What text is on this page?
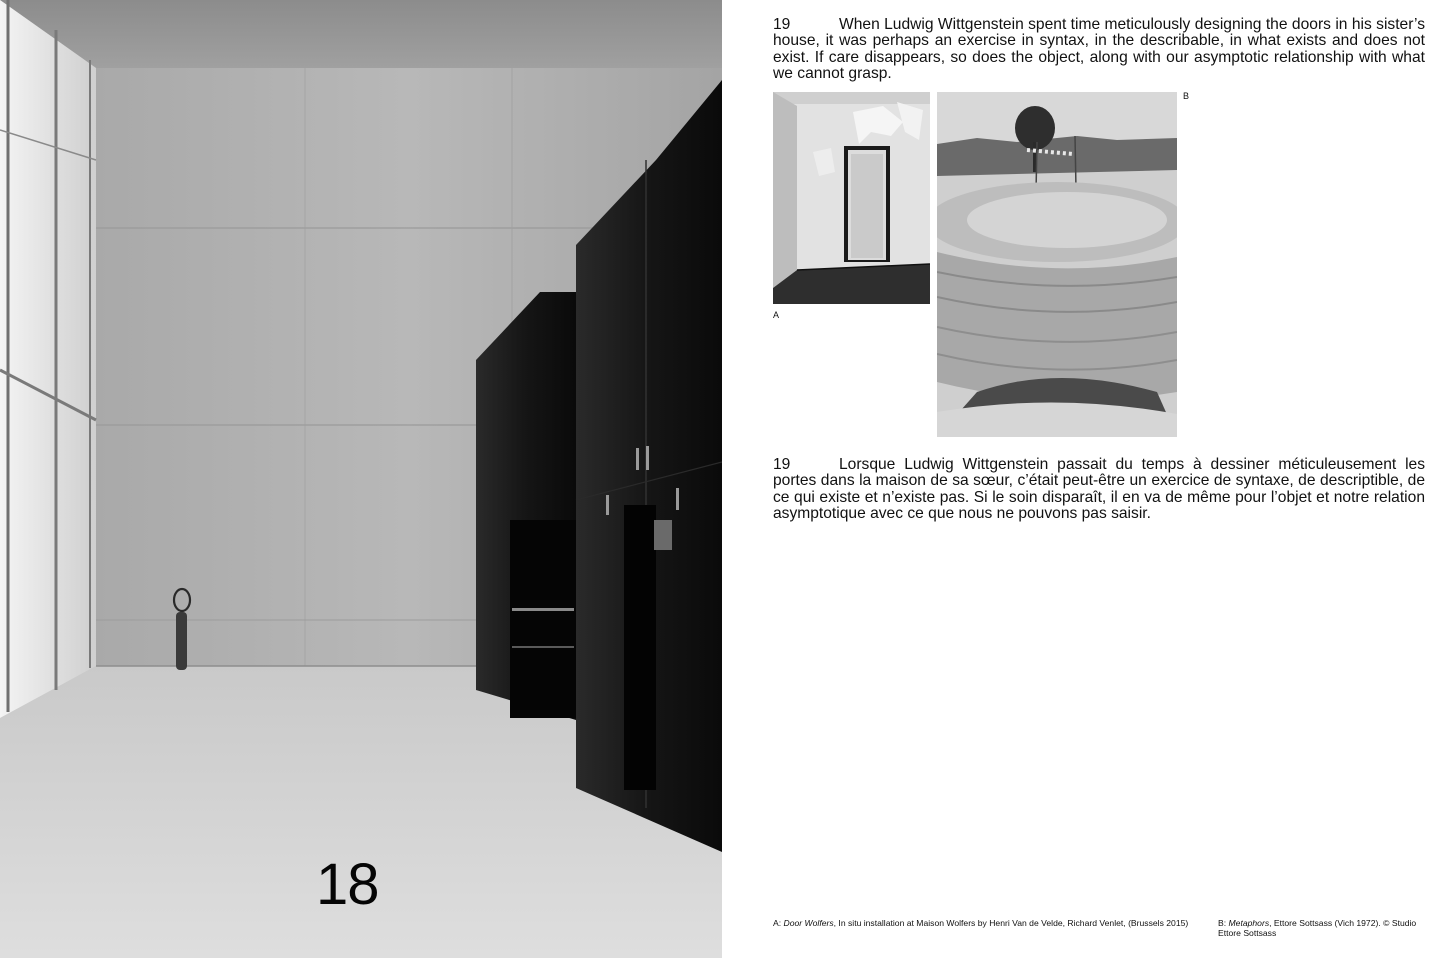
18
19	When Ludwig Wittgenstein spent time meticulously designing the doors in his sister’s house, it was perhaps an exercise in syntax, in the describable, in what exists and does not exist. If care disappears, so does the object, along with our asymptotic relationship with what we cannot grasp.
A
B
19	Lorsque Ludwig Wittgenstein passait du temps à dessiner méticuleusement les portes dans la maison de sa sœur, c’était peut-être un exercice de syntaxe, de descriptible, de ce qui existe et n’existe pas. Si le soin disparaît, il en va de même pour l’objet et notre relation asymptotique avec ce que nous ne pouvons pas saisir.
A: Door Wolfers, In situ installation at Maison Wolfers by Henri Van de Velde, Richard Venlet, (Brussels 2015)	B: Metaphors, Ettore Sottsass (Vich 1972). © Studio Ettore Sottsass
